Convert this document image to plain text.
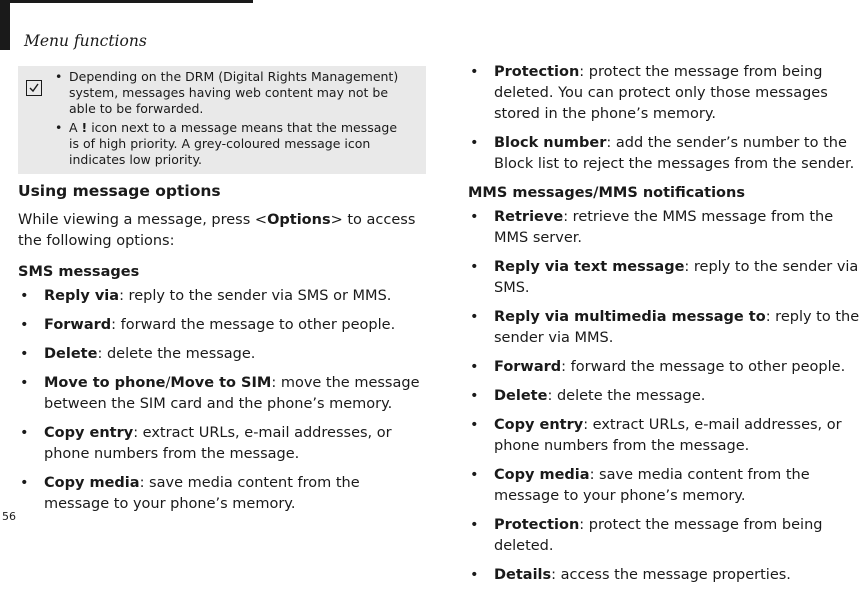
Menu functions
• Depending on the DRM (Digital Rights Management) system, messages having web content may not be able to be forwarded.
• A ! icon next to a message means that the message is of high priority. A grey-coloured message icon indicates low priority.
Using message options

While viewing a message, press <Options> to access the following options:

SMS messages

• Reply via: reply to the sender via SMS or MMS.
• Forward: forward the message to other people.
• Delete: delete the message.
• Move to phone/Move to SIM: move the message between the SIM card and the phone’s memory.
• Copy entry: extract URLs, e-mail addresses, or phone numbers from the message.
• Copy media: save media content from the message to your phone’s memory.
• Protection: protect the message from being deleted. You can protect only those messages stored in the phone’s memory.
• Block number: add the sender’s number to the Block list to reject the messages from the sender.

MMS messages/MMS notifications

• Retrieve: retrieve the MMS message from the MMS server.
• Reply via text message: reply to the sender via SMS.
• Reply via multimedia message to: reply to the sender via MMS.
• Forward: forward the message to other people.
• Delete: delete the message.
• Copy entry: extract URLs, e-mail addresses, or phone numbers from the message.
• Copy media: save media content from the message to your phone’s memory.
• Protection: protect the message from being deleted.
• Details: access the message properties.
56
